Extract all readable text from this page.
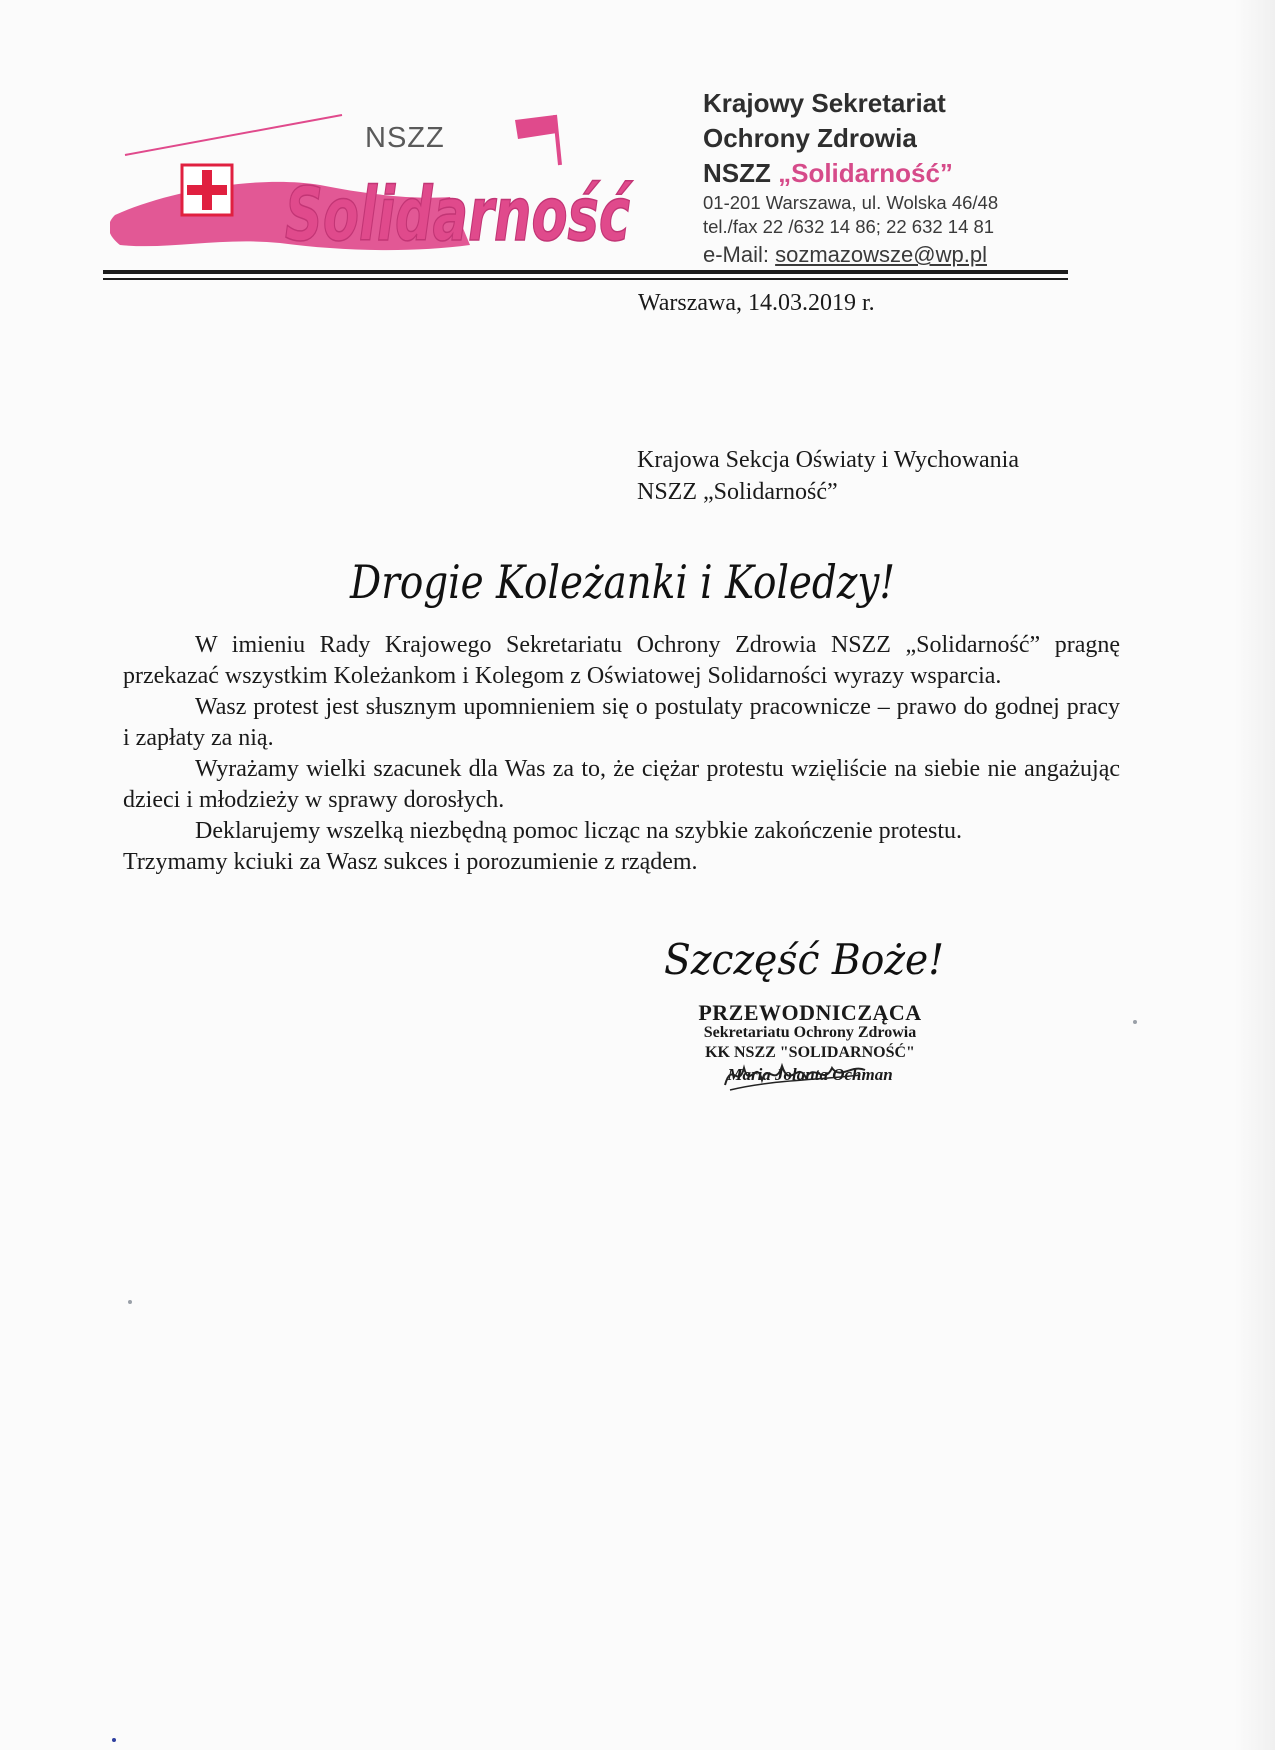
Solidarność
NSZZ
Krajowy Sekretariat
Ochrony Zdrowia
NSZZ „Solidarność”
01-201 Warszawa, ul. Wolska 46/48
tel./fax 22 /632 14 86; 22 632 14 81
e-Mail: sozmazowsze@wp.pl
Warszawa, 14.03.2019 r.
Krajowa Sekcja Oświaty i Wychowania
NSZZ „Solidarność”
Drogie Koleżanki i Koledzy!

W imieniu Rady Krajowego Sekretariatu Ochrony Zdrowia NSZZ „Solidarność” pragnę przekazać wszystkim Koleżankom i Kolegom z Oświatowej Solidarności wyrazy wsparcia.

Wasz protest jest słusznym upomnieniem się o postulaty pracownicze – prawo do godnej pracy i zapłaty za nią.

Wyrażamy wielki szacunek dla Was za to, że ciężar protestu wzięliście na siebie nie angażując dzieci i młodzieży w sprawy dorosłych.

Deklarujemy wszelką niezbędną pomoc licząc na szybkie zakończenie protestu.

Trzymamy kciuki za Wasz sukces i porozumienie z rządem.

Szczęść Boże!
PRZEWODNICZĄCA
Sekretariatu Ochrony Zdrowia
KK NSZZ "SOLIDARNOŚĆ"
Maria Jolanta Ochman
